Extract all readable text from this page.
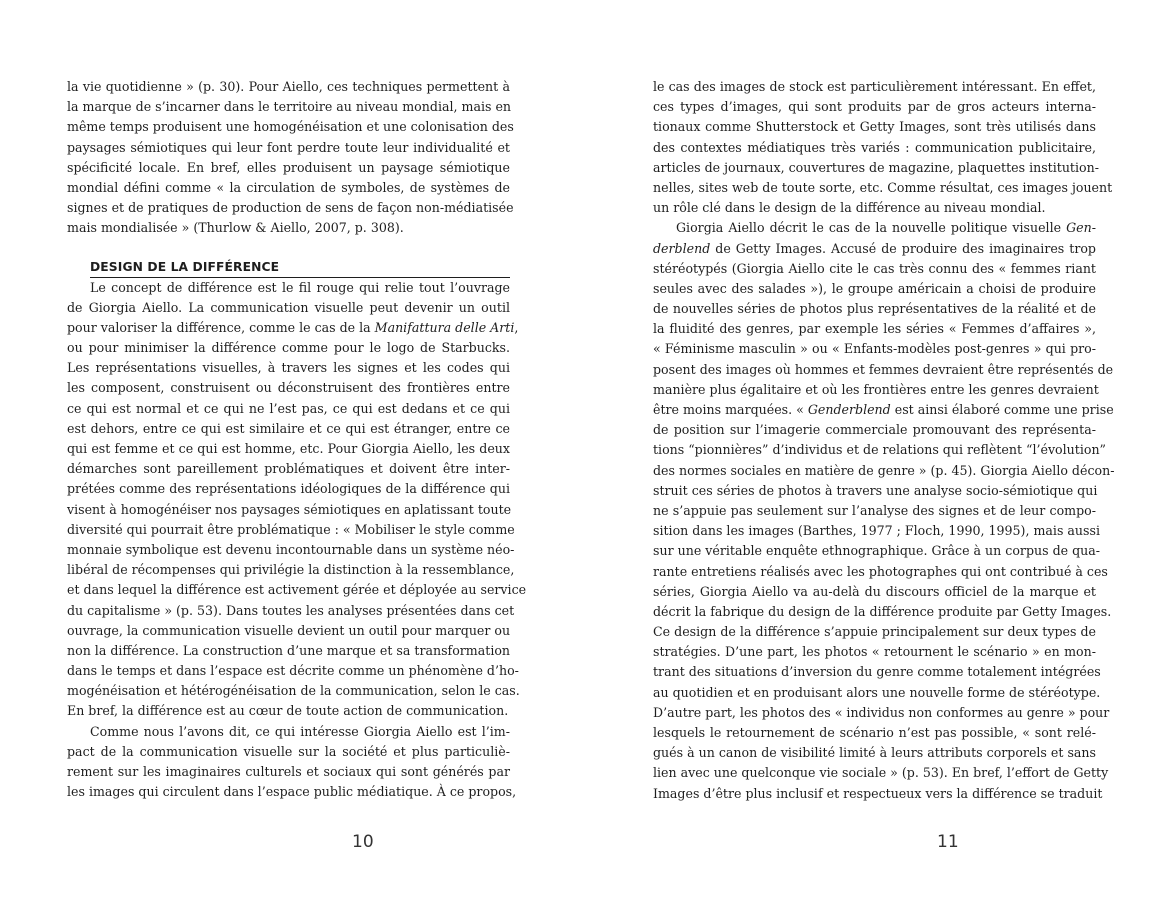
la vie quotidienne » (p. 30). Pour Aiello, ces techniques permettent à
la marque de s’incarner dans le territoire au niveau mondial, mais en
même temps produisent une homogénéisation et une colonisation des
paysages sémiotiques qui leur font perdre toute leur individualité et
spécificité locale. En bref, elles produisent un paysage sémiotique
mondial défini comme « la circulation de symboles, de systèmes de
signes et de pratiques de production de sens de façon non-médiatisée
mais mondialisée » (Thurlow & Aiello, 2007, p. 308).
DESIGN DE LA DIFFÉRENCE
Le concept de différence est le fil rouge qui relie tout l’ouvrage
de Giorgia Aiello. La communication visuelle peut devenir un outil
pour valoriser la différence, comme le cas de la Manifattura delle Arti,
ou pour minimiser la différence comme pour le logo de Starbucks.
Les représentations visuelles, à travers les signes et les codes qui
les composent, construisent ou déconstruisent des frontières entre
ce qui est normal et ce qui ne l’est pas, ce qui est dedans et ce qui
est dehors, entre ce qui est similaire et ce qui est étranger, entre ce
qui est femme et ce qui est homme, etc. Pour Giorgia Aiello, les deux
démarches sont pareillement problématiques et doivent être inter-
prétées comme des représentations idéologiques de la différence qui
visent à homogénéiser nos paysages sémiotiques en aplatissant toute
diversité qui pourrait être problématique : « Mobiliser le style comme
monnaie symbolique est devenu incontournable dans un système néo-
libéral de récompenses qui privilégie la distinction à la ressemblance,
et dans lequel la différence est activement gérée et déployée au service
du capitalisme » (p. 53). Dans toutes les analyses présentées dans cet
ouvrage, la communication visuelle devient un outil pour marquer ou
non la différence. La construction d’une marque et sa transformation
dans le temps et dans l’espace est décrite comme un phénomène d’ho-
mogénéisation et hétérogénéisation de la communication, selon le cas.
En bref, la différence est au cœur de toute action de communication.
Comme nous l’avons dit, ce qui intéresse Giorgia Aiello est l’im-
pact de la communication visuelle sur la société et plus particuliè-
rement sur les imaginaires culturels et sociaux qui sont générés par
les images qui circulent dans l’espace public médiatique. À ce propos,
le cas des images de stock est particulièrement intéressant. En effet,
ces types d’images, qui sont produits par de gros acteurs interna-
tionaux comme Shutterstock et Getty Images, sont très utilisés dans
des contextes médiatiques très variés : communication publicitaire,
articles de journaux, couvertures de magazine, plaquettes institution-
nelles, sites web de toute sorte, etc. Comme résultat, ces images jouent
un rôle clé dans le design de la différence au niveau mondial.
Giorgia Aiello décrit le cas de la nouvelle politique visuelle Gen-
derblend de Getty Images. Accusé de produire des imaginaires trop
stéréotypés (Giorgia Aiello cite le cas très connu des « femmes riant
seules avec des salades »), le groupe américain a choisi de produire
de nouvelles séries de photos plus représentatives de la réalité et de
la fluidité des genres, par exemple les séries « Femmes d’affaires »,
« Féminisme masculin » ou « Enfants-modèles post-genres » qui pro-
posent des images où hommes et femmes devraient être représentés de
manière plus égalitaire et où les frontières entre les genres devraient
être moins marquées. « Genderblend est ainsi élaboré comme une prise
de position sur l’imagerie commerciale promouvant des représenta-
tions “pionnières” d’individus et de relations qui reflètent “l’évolution”
des normes sociales en matière de genre » (p. 45). Giorgia Aiello décon-
struit ces séries de photos à travers une analyse socio-sémiotique qui
ne s’appuie pas seulement sur l’analyse des signes et de leur compo-
sition dans les images (Barthes, 1977 ; Floch, 1990, 1995), mais aussi
sur une véritable enquête ethnographique. Grâce à un corpus de qua-
rante entretiens réalisés avec les photographes qui ont contribué à ces
séries, Giorgia Aiello va au-delà du discours officiel de la marque et
décrit la fabrique du design de la différence produite par Getty Images.
Ce design de la différence s’appuie principalement sur deux types de
stratégies. D’une part, les photos « retournent le scénario » en mon-
trant des situations d’inversion du genre comme totalement intégrées
au quotidien et en produisant alors une nouvelle forme de stéréotype.
D’autre part, les photos des « individus non conformes au genre » pour
lesquels le retournement de scénario n’est pas possible, « sont relé-
gués à un canon de visibilité limité à leurs attributs corporels et sans
lien avec une quelconque vie sociale » (p. 53). En bref, l’effort de Getty
Images d’être plus inclusif et respectueux vers la différence se traduit
10	11
